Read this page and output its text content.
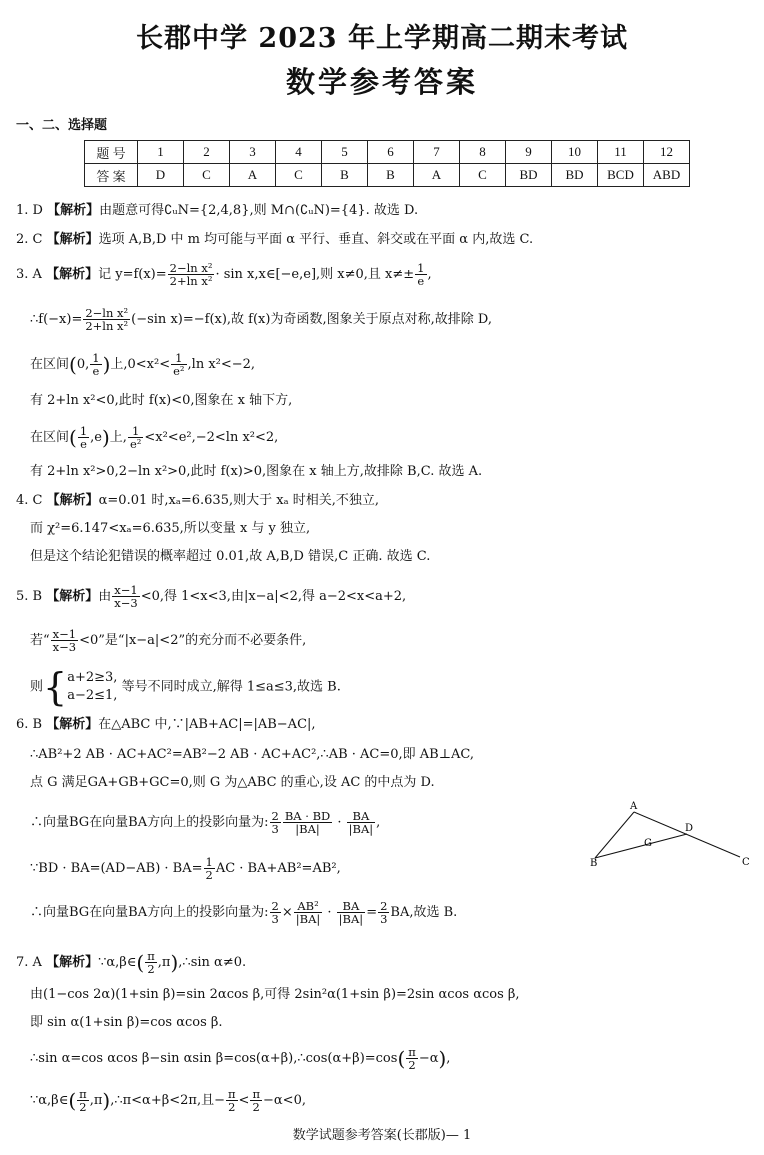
长郡中学 2023 年上学期高二期末考试
数学参考答案
一、二、选择题
题 号	1	2	3	4	5	6	7	8	9	10	11	12
答 案	D	C	A	C	B	B	A	C	BD	BD	BCD	ABD
1. D 【解析】由题意可得∁ᵤN={2,4,8},则 M∩(∁ᵤN)={4}. 故选 D.
2. C 【解析】选项 A,B,D 中 m 均可能与平面 α 平行、垂直、斜交或在平面 α 内,故选 C.
3. A 【解析】记 $y=f(x)= \frac{\text{2−ln x²}}{\text{2+ln x²}} \cdot \sin$ x,x∈[−e,e],则 x≠0,且 $x\ne\pm \frac{1}{e}$ ,
∴f(−x)= $\frac{\text{2−ln x²}}{\text{2+ln x²}} (-\sin$ x)=−f(x),故 f(x)为奇函数,图象关于原点对称,故排除 D,
在区间(0, $\frac{1}{e}$ )上$,0<x^2< \frac{1}{\text{e²}} ,\ln$ x²<−2,
有 2+ln x²<0,此时 f(x)<0,图象在 x 轴下方,
在区间( $\frac{1}{e} ,e$)上, $\frac{1}{\text{e²}} <x^2<e^2,-2<\ln$ x²<2,
有 2+ln x²>0,2−ln x²>0,此时 f(x)>0,图象在 x 轴上方,故排除 B,C. 故选 A.
4. C 【解析】α=0.01 时,xₐ=6.635,则大于 xₐ 时相关,不独立,
而 χ²=6.147<xₐ=6.635,所以变量 x 与 y 独立,
但是这个结论犯错误的概率超过 0.01,故 A,B,D 错误,C 正确. 故选 C.
5. B 【解析】由 $\frac{x-1}{x-3} <0$,得 1<x<3,由|x−a|<2,得 a−2<x<a+2,
若“ $\frac{x-1}{x-3} <0$”是“|x−a|<2”的充分而不必要条件,
则{ a+2≥3,
a−2≤1,
等号不同时成立,解得 1≤a≤3,故选 B.
6. B 【解析】在△ABC 中,∵|AB+AC|=|AB−AC|,
∴AB²+2 AB · AC+AC²=AB²−2 AB · AC+AC²,∴AB · AC=0,即 AB⊥AC,
点 G 满足GA+GB+GC=0,则 G 为△ABC 的重心,设 AC 的中点为 D.
∴向量BG在向量BA方向上的投影向量为: $\frac{2}{3} \frac{BA \cdot BD}{|BA|} \cdot \frac{BA}{|BA|}$ ,
∵BD · $BA=(AD-AB) \cdot BA= \frac{1}{2}$ AC · BA+AB²=AB²,
∴向量BG在向量BA方向上的投影向量为: $\frac{2}{3} \times \frac{\text{AB²}}{|BA|} \cdot \frac{BA}{|BA|} = \frac{2}{3}$ BA,故选 B.
A
B	C
D
G
7. A 【解析】∵α,β∈( $\frac{\pi}{2}$ ,π),∴sin α≠0.
由(1−cos 2α)(1+sin β)=sin 2αcos β,可得 2sin²α(1+sin β)=2sin αcos αcos β,
即 sin α(1+sin β)=cos αcos β.
∴sin α=cos αcos β−sin αsin β=cos(α+β),∴cos(α+β)=cos( $\frac{\pi}{2} -\alpha$),
∵α,β∈( $\frac{\pi}{2}$ ,π),∴π<α+β<2π,且− $\frac{\pi}{2} < \frac{\pi}{2} -\alpha<0$,
数学试题参考答案(长郡版)— 1
